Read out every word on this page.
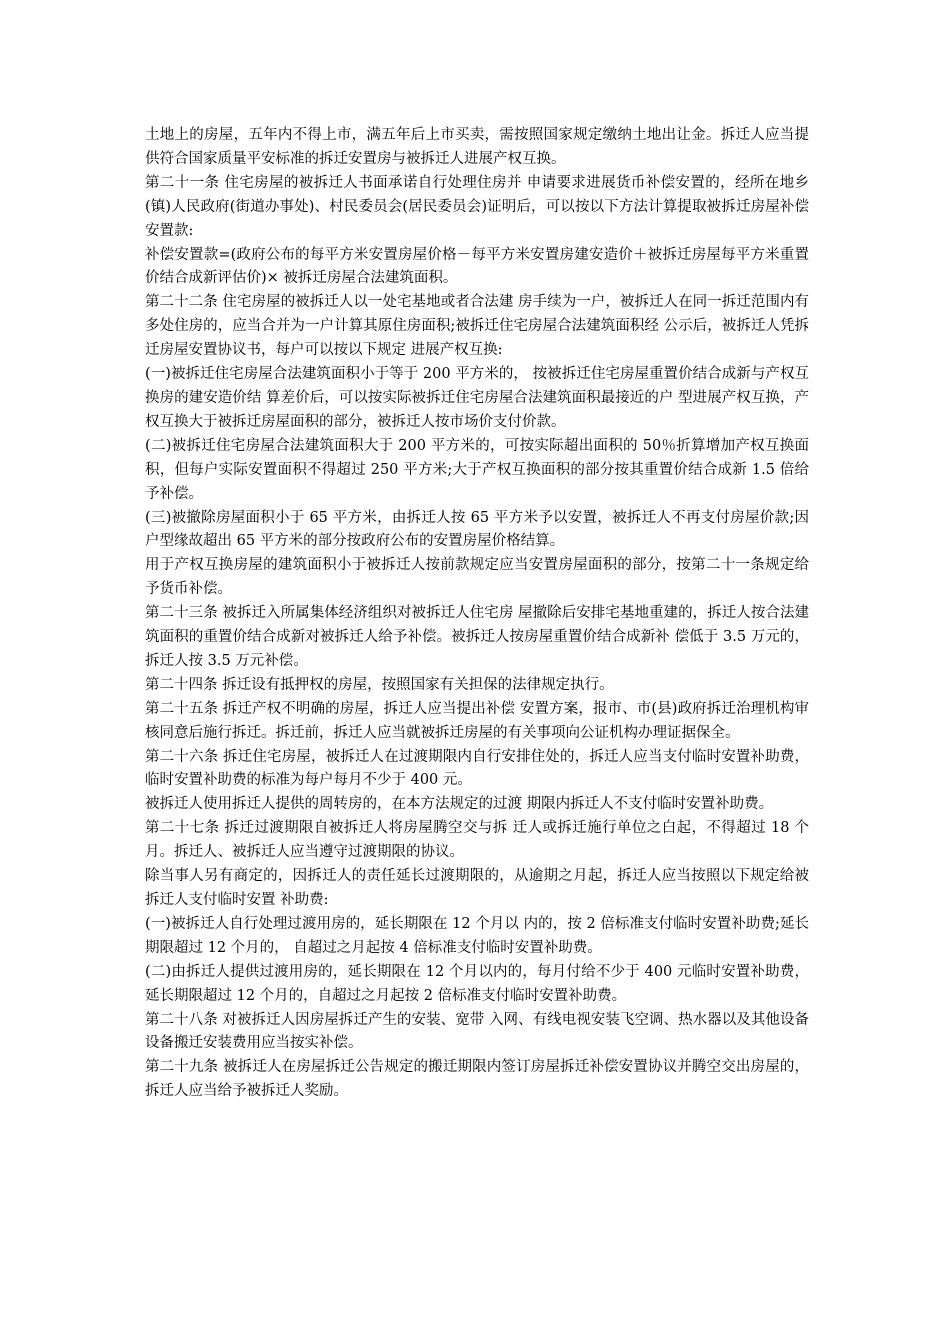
土地上的房屋，五年内不得上市，满五年后上市买卖，需按照国家规定缴纳土地出让金。拆迁人应当提供符合国家质量平安标准的拆迁安置房与被拆迁人进展产权互换。

第二十一条 住宅房屋的被拆迁人书面承诺自行处理住房并 申请要求进展货币补偿安置的，经所在地乡(镇)人民政府(街道办事处)、村民委员会(居民委员会)证明后，可以按以下方法计算提取被拆迁房屋补偿安置款:

补偿安置款=(政府公布的每平方米安置房屋价格－每平方米安置房建安造价＋被拆迁房屋每平方米重置价结合成新评估价)× 被拆迁房屋合法建筑面积。

第二十二条 住宅房屋的被拆迁人以一处宅基地或者合法建 房手续为一户，被拆迁人在同一拆迁范围内有多处住房的，应当合并为一户计算其原住房面积;被拆迁住宅房屋合法建筑面积经 公示后，被拆迁人凭拆迁房屋安置协议书，每户可以按以下规定 进展产权互换:

(一)被拆迁住宅房屋合法建筑面积小于等于 200 平方米的， 按被拆迁住宅房屋重置价结合成新与产权互换房的建安造价结 算差价后，可以按实际被拆迁住宅房屋合法建筑面积最接近的户 型进展产权互换，产权互换大于被拆迁房屋面积的部分，被拆迁人按市场价支付价款。

(二)被拆迁住宅房屋合法建筑面积大于 200 平方米的，可按实际超出面积的 50％折算增加产权互换面积，但每户实际安置面积不得超过 250 平方米;大于产权互换面积的部分按其重置价结合成新 1.5 倍给予补偿。

(三)被撤除房屋面积小于 65 平方米，由拆迁人按 65 平方米予以安置，被拆迁人不再支付房屋价款;因户型缘故超出 65 平方米的部分按政府公布的安置房屋价格结算。

用于产权互换房屋的建筑面积小于被拆迁人按前款规定应当安置房屋面积的部分，按第二十一条规定给予货币补偿。

第二十三条 被拆迁入所属集体经济组织对被拆迁人住宅房 屋撤除后安排宅基地重建的，拆迁人按合法建筑面积的重置价结合成新对被拆迁人给予补偿。被拆迁人按房屋重置价结合成新补 偿低于 3.5 万元的，拆迁人按 3.5 万元补偿。

第二十四条 拆迁设有抵押权的房屋，按照国家有关担保的法律规定执行。

第二十五条 拆迁产权不明确的房屋，拆迁人应当提出补偿 安置方案，报市、市(县)政府拆迁治理机构审核同意后施行拆迁。拆迁前，拆迁人应当就被拆迁房屋的有关事项向公证机构办理证据保全。

第二十六条 拆迁住宅房屋，被拆迁人在过渡期限内自行安排住处的，拆迁人应当支付临时安置补助费，临时安置补助费的标准为每户每月不少于 400 元。

被拆迁人使用拆迁人提供的周转房的，在本方法规定的过渡 期限内拆迁人不支付临时安置补助费。

第二十七条 拆迁过渡期限自被拆迁人将房屋腾空交与拆 迁人或拆迁施行单位之白起，不得超过 18 个月。拆迁人、被拆迁人应当遵守过渡期限的协议。

除当事人另有商定的，因拆迁人的责任延长过渡期限的，从逾期之月起，拆迁人应当按照以下规定给被拆迁人支付临时安置 补助费:

(一)被拆迁人自行处理过渡用房的，延长期限在 12 个月以 内的，按 2 倍标准支付临时安置补助费;延长期限超过 12 个月的， 自超过之月起按 4 倍标准支付临时安置补助费。

(二)由拆迁人提供过渡用房的，延长期限在 12 个月以内的，每月付给不少于 400 元临时安置补助费，延长期限超过 12 个月的，自超过之月起按 2 倍标准支付临时安置补助费。

第二十八条 对被拆迁人因房屋拆迁产生的安装、宽带 入网、有线电视安装飞空调、热水器以及其他设备设备搬迁安装费用应当按实补偿。

第二十九条 被拆迁人在房屋拆迁公告规定的搬迁期限内签订房屋拆迁补偿安置协议并腾空交出房屋的，拆迁人应当给予被拆迁人奖励。
